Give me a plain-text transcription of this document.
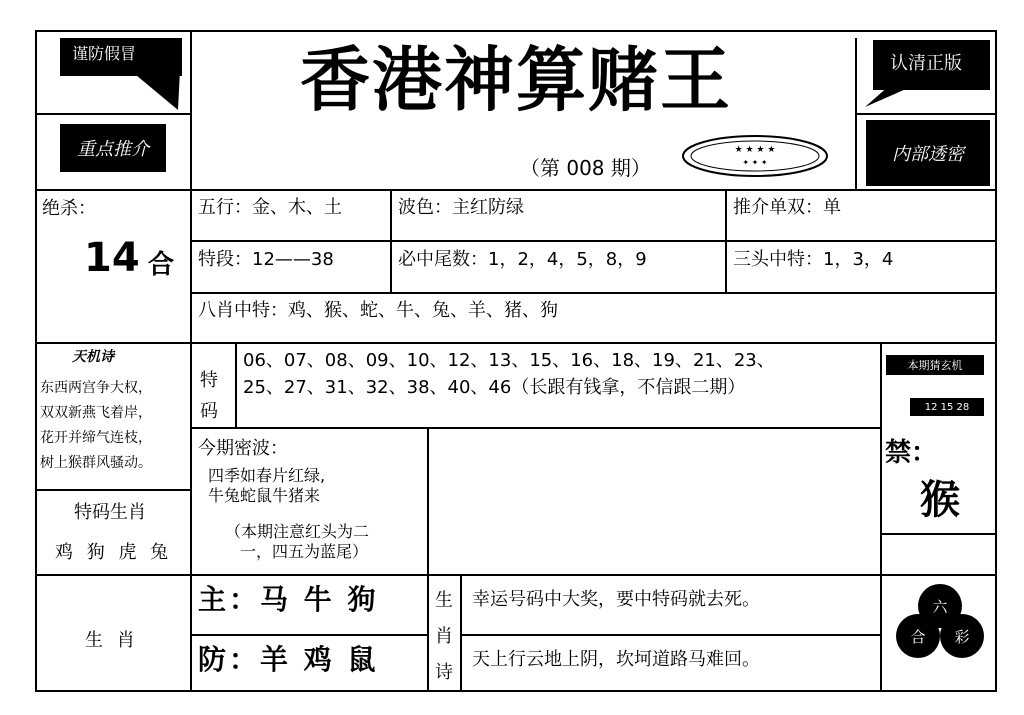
谨防假冒	认清正版
香港神算赌王
（第 008 期）
★ ★ ★ ★
✦ ✦ ✦
重点推介	内部透密
绝杀：
14 合
五行：金、木、土	波色：主红防绿	推介单双：单
特段：12——38	必中尾数：1，2，4，5，8，9	三头中特：1，3，4
八肖中特：鸡、猴、蛇、牛、兔、羊、猪、狗
天机诗
东西两宫争大权，
双双新燕飞着岸，
花开并缔气连枝，
树上猴群风骚动。
特
码
06、07、08、09、10、12、13、15、16、18、19、21、23、
25、27、31、32、38、40、46（长跟有钱拿，不信跟二期）
本期猜玄机
12 15 28
特码生肖
鸡 狗 虎 兔
今期密波：
四季如春片红绿,
牛兔蛇鼠牛猪来
（本期注意红头为二
一，四五为蓝尾）
禁：
猴
生 肖
主：马 牛 狗
防：羊 鸡 鼠
生
肖
诗
幸运号码中大奖，要中特码就去死。
天上行云地上阴，坎坷道路马难回。
六
合	彩
